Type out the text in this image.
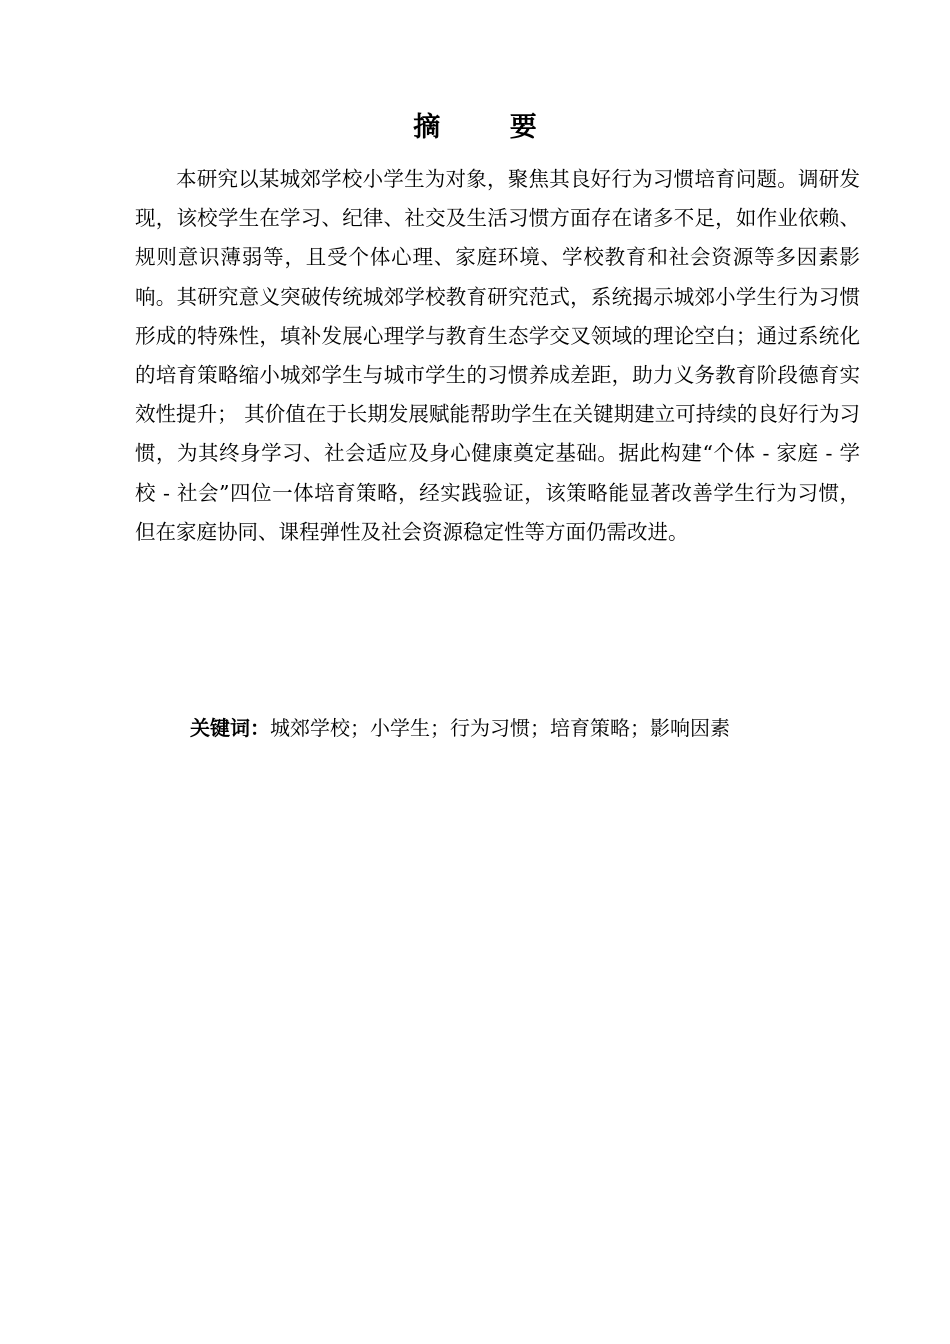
摘 要

本研究以某城郊学校小学生为对象，聚焦其良好行为习惯培育问题。调研发现，该校学生在学习、纪律、社交及生活习惯方面存在诸多不足，如作业依赖、规则意识薄弱等，且受个体心理、家庭环境、学校教育和社会资源等多因素影响。其研究意义突破传统城郊学校教育研究范式，系统揭示城郊小学生行为习惯形成的特殊性，填补发展心理学与教育生态学交叉领域的理论空白；通过系统化的培育策略缩小城郊学生与城市学生的习惯养成差距，助力义务教育阶段德育实效性提升； 其价值在于长期发展赋能帮助学生在关键期建立可持续的良好行为习惯，为其终身学习、社会适应及身心健康奠定基础。据此构建“个体 - 家庭 - 学校 - 社会”四位一体培育策略，经实践验证，该策略能显著改善学生行为习惯，但在家庭协同、课程弹性及社会资源稳定性等方面仍需改进。

关键词：城郊学校；小学生；行为习惯；培育策略；影响因素
